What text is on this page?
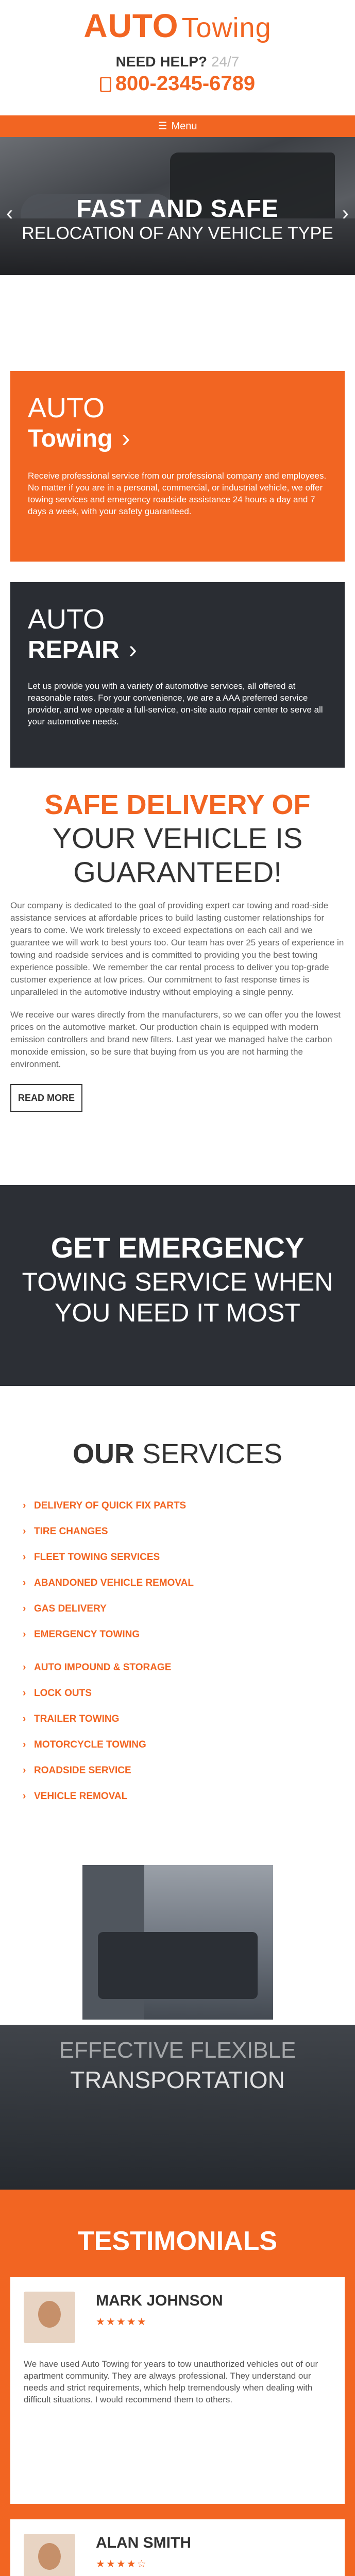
AUTO Towing
NEED HELP? 24/7
800-2345-6789
☰ Menu
FAST AND SAFE
RELOCATION OF ANY VEHICLE TYPE
‹	›
AUTO
Towing ›

Receive professional service from our professional company and employees. No matter if you are in a personal, commercial, or industrial vehicle, we offer towing services and emergency roadside assistance 24 hours a day and 7 days a week, with your safety guaranteed.

AUTO
REPAIR ›

Let us provide you with a variety of automotive services, all offered at reasonable rates. For your convenience, we are a AAA preferred service provider, and we operate a full-service, on-site auto repair center to serve all your automotive needs.

SAFE DELIVERY OF
YOUR VEHICLE IS GUARANTEED!

Our company is dedicated to the goal of providing expert car towing and road-side assistance services at affordable prices to build lasting customer relationships for years to come. We work tirelessly to exceed expectations on each call and we guarantee we will work to best yours too. Our team has over 25 years of experience in towing and roadside services and is committed to providing you the best towing experience possible. We remember the car rental process to deliver you top-grade customer experience at low prices. Our commitment to fast response times is unparalleled in the automotive industry without employing a single penny.

We receive our wares directly from the manufacturers, so we can offer you the lowest prices on the automotive market. Our production chain is equipped with modern emission controllers and brand new filters. Last year we managed halve the carbon monoxide emission, so be sure that buying from us you are not harming the environment.

READ MORE
GET EMERGENCY
TOWING SERVICE WHEN YOU NEED IT MOST
OUR SERVICES
› DELIVERY OF QUICK FIX PARTS
› TIRE CHANGES
› FLEET TOWING SERVICES
› ABANDONED VEHICLE REMOVAL
› GAS DELIVERY
› EMERGENCY TOWING
› AUTO IMPOUND & STORAGE
› LOCK OUTS
› TRAILER TOWING
› MOTORCYCLE TOWING
› ROADSIDE SERVICE
› VEHICLE REMOVAL
EFFECTIVE FLEXIBLE
TRANSPORTATION
TESTIMONIALS
MARK JOHNSON
★★★★★

We have used Auto Towing for years to tow unauthorized vehicles out of our apartment community. They are always professional. They understand our needs and strict requirements, which help tremendously when dealing with difficult situations. I would recommend them to others.

ALAN SMITH
★★★★☆
